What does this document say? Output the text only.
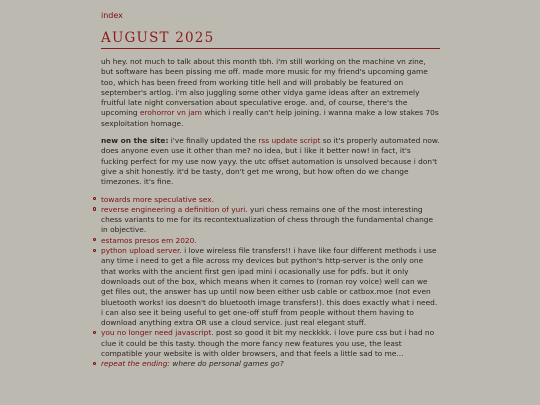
index
AUGUST 2025

uh hey. not much to talk about this month tbh. i'm still working on the machine vn zine, but software has been pissing me off. made more music for my friend's upcoming game too, which has been freed from working title hell and will probably be featured on september's artlog. i'm also juggling some other vidya game ideas after an extremely fruitful late night conversation about speculative eroge. and, of course, there's the upcoming erohorror vn jam which i really can't help joining. i wanna make a low stakes 70s sexploitation homage.

new on the site: i've finally updated the rss update script so it's properly automated now. does anyone even use it other than me? no idea, but i like it better now! in fact, it's fucking perfect for my use now yayy. the utc offset automation is unsolved because i don't give a shit honestly. it'd be tasty, don't get me wrong, but how often do we change timezones. it's fine.

towards more speculative sex.
reverse engineering a definition of yuri. yuri chess remains one of the most interesting chess variants to me for its recontextualization of chess through the fundamental change in objective.
estamos presos em 2020.
python upload server. i love wireless file transfers!! i have like four different methods i use any time i need to get a file across my devices but python's http-server is the only one that works with the ancient first gen ipad mini i ocasionally use for pdfs. but it only downloads out of the box, which means when it comes to (roman roy voice) well can we get files out, the answer has up until now been either usb cable or catbox.moe (not even bluetooth works! ios doesn't do bluetooth image transfers!). this does exactly what i need. i can also see it being useful to get one-off stuff from people without them having to download anything extra OR use a cloud service. just real elegant stuff.
you no longer need javascript. post so good it bit my neckkkk. i love pure css but i had no clue it could be this tasty. though the more fancy new features you use, the least compatible your website is with older browsers, and that feels a little sad to me...
repeat the ending: where do personal games go?
